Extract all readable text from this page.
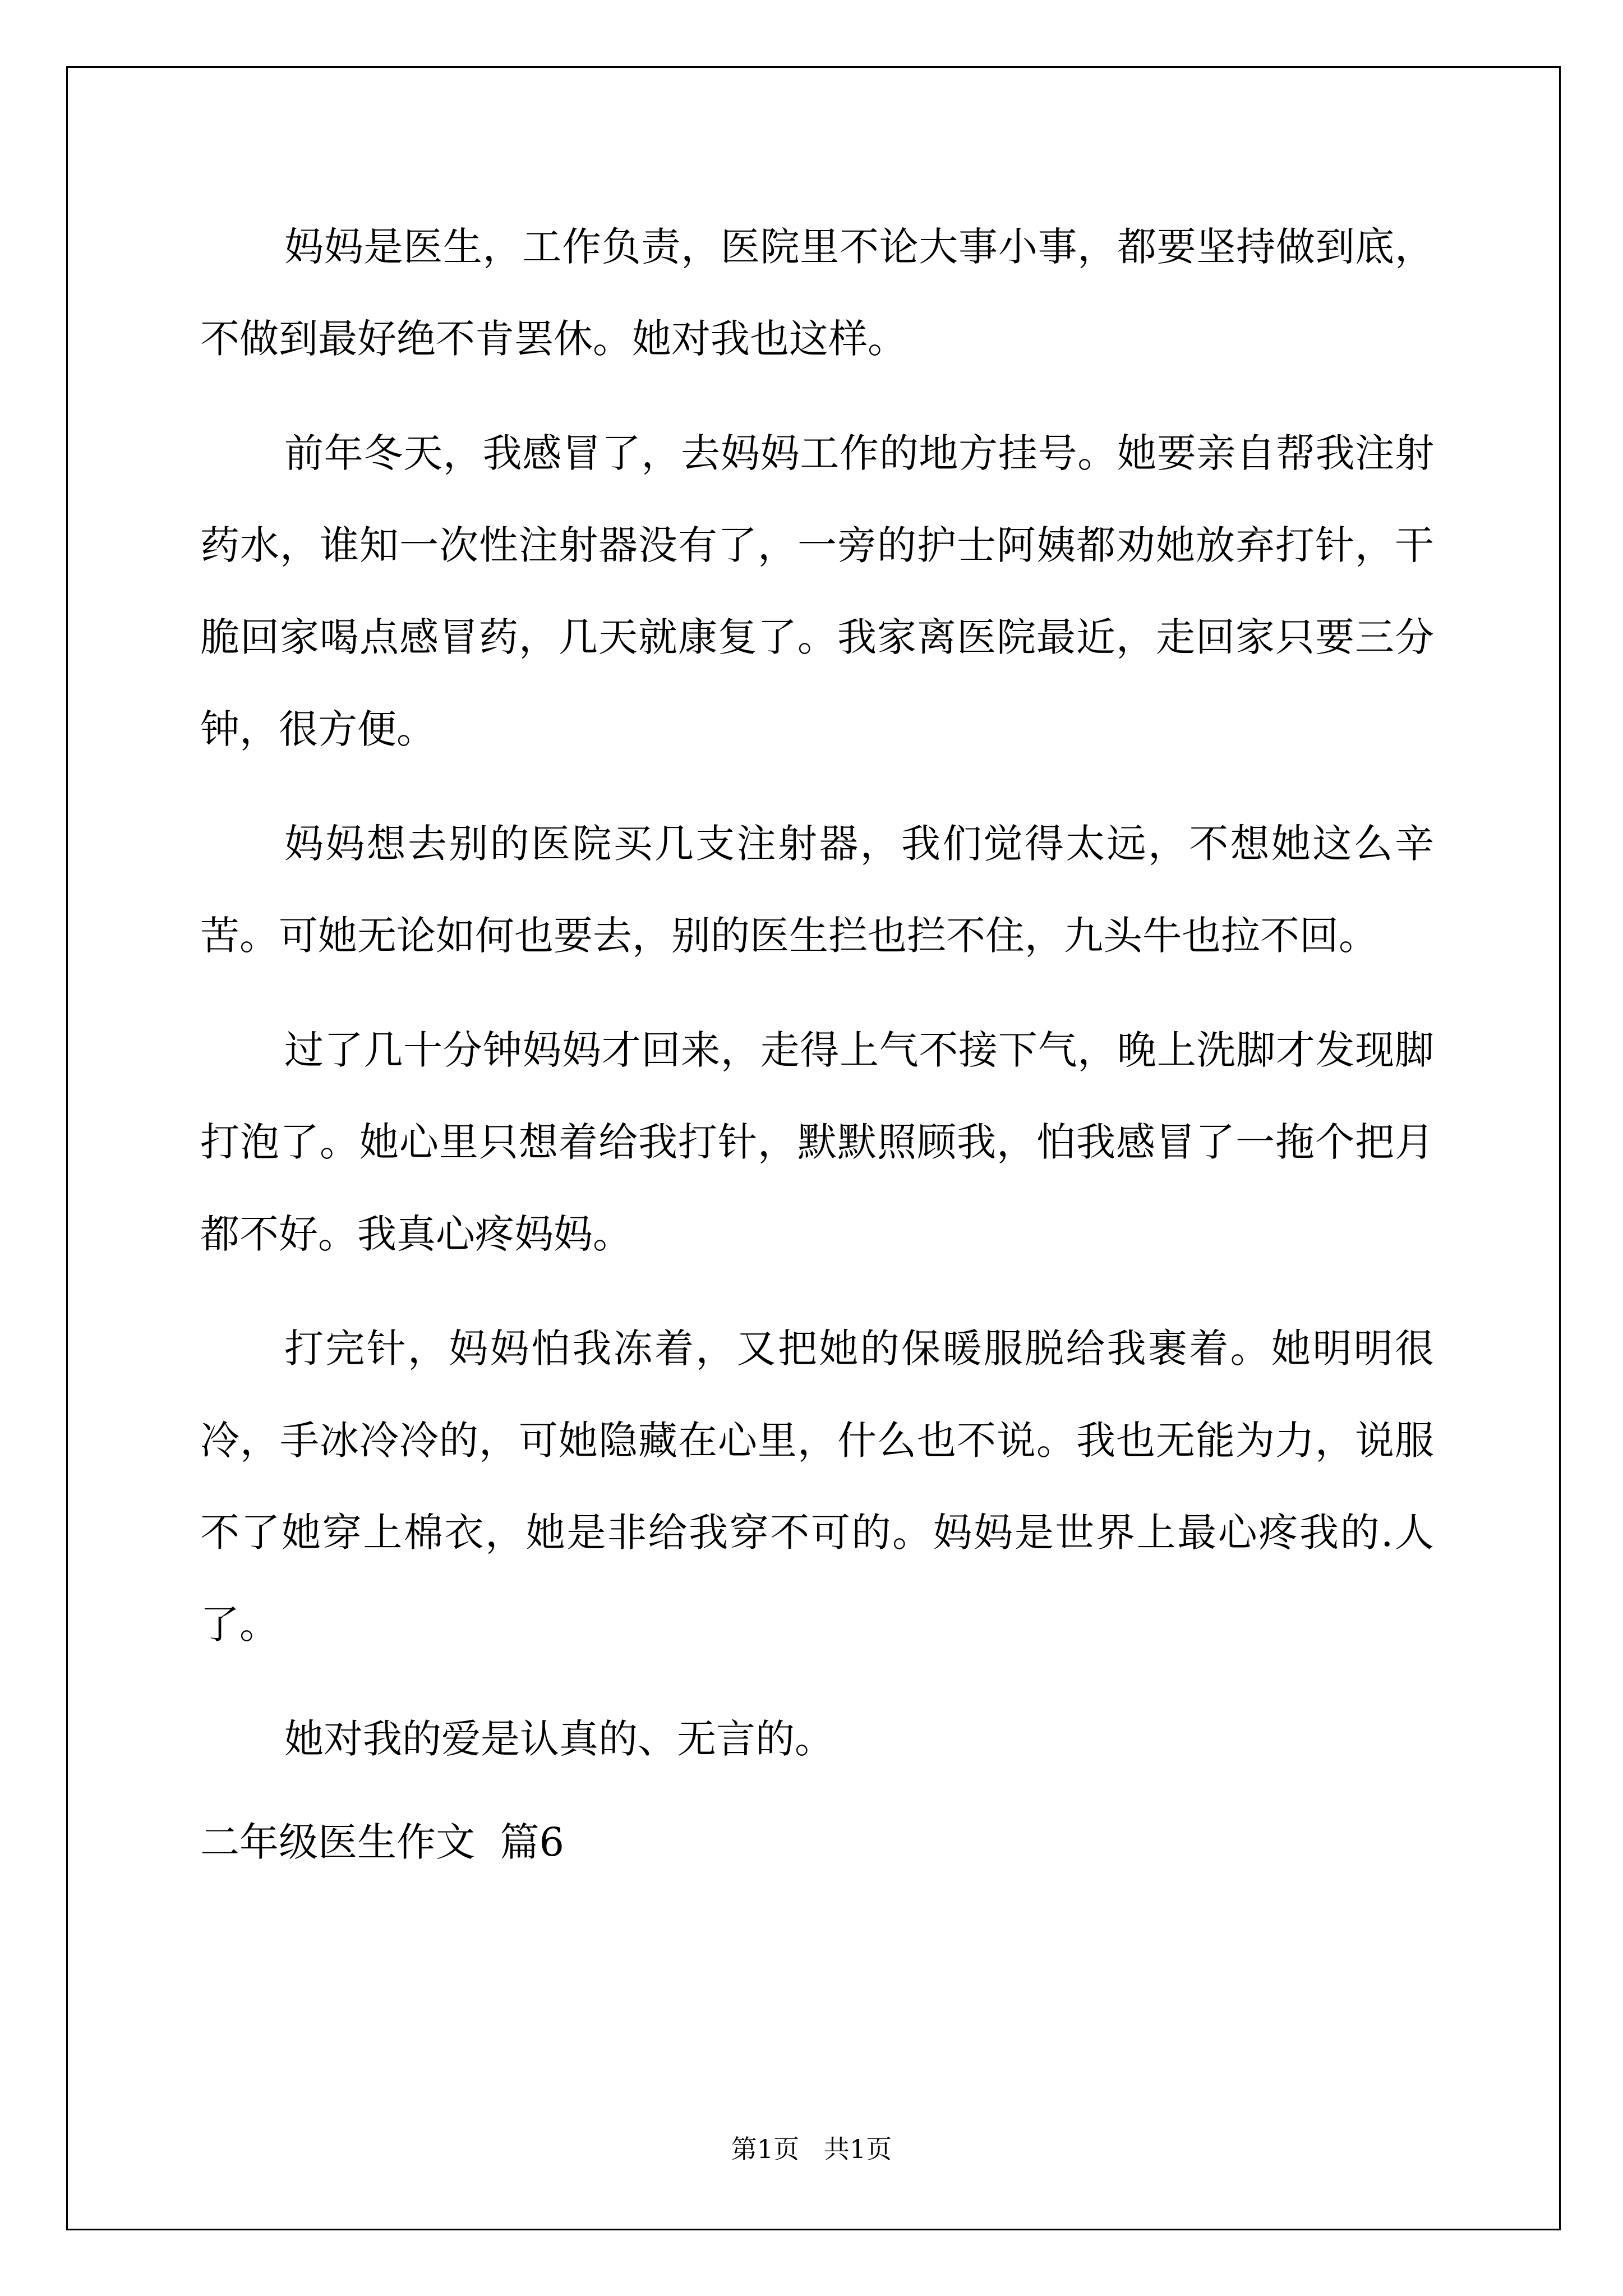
妈妈是医生，工作负责，医院里不论大事小事，都要坚持做到底，不做到最好绝不肯罢休。她对我也这样。

前年冬天，我感冒了，去妈妈工作的地方挂号。她要亲自帮我注射药水，谁知一次性注射器没有了，一旁的护士阿姨都劝她放弃打针，干脆回家喝点感冒药，几天就康复了。我家离医院最近，走回家只要三分钟，很方便。

妈妈想去别的医院买几支注射器，我们觉得太远，不想她这么辛苦。可她无论如何也要去，别的医生拦也拦不住，九头牛也拉不回。

过了几十分钟妈妈才回来，走得上气不接下气，晚上洗脚才发现脚打泡了。她心里只想着给我打针，默默照顾我，怕我感冒了一拖个把月都不好。我真心疼妈妈。

打完针，妈妈怕我冻着，又把她的保暖服脱给我裹着。她明明很冷，手冰冷冷的，可她隐藏在心里，什么也不说。我也无能为力，说服不了她穿上棉衣，她是非给我穿不可的。妈妈是世界上最心疼我的.人了。

她对我的爱是认真的、无言的。

二年级医生作文  篇6
第1页   共1页
